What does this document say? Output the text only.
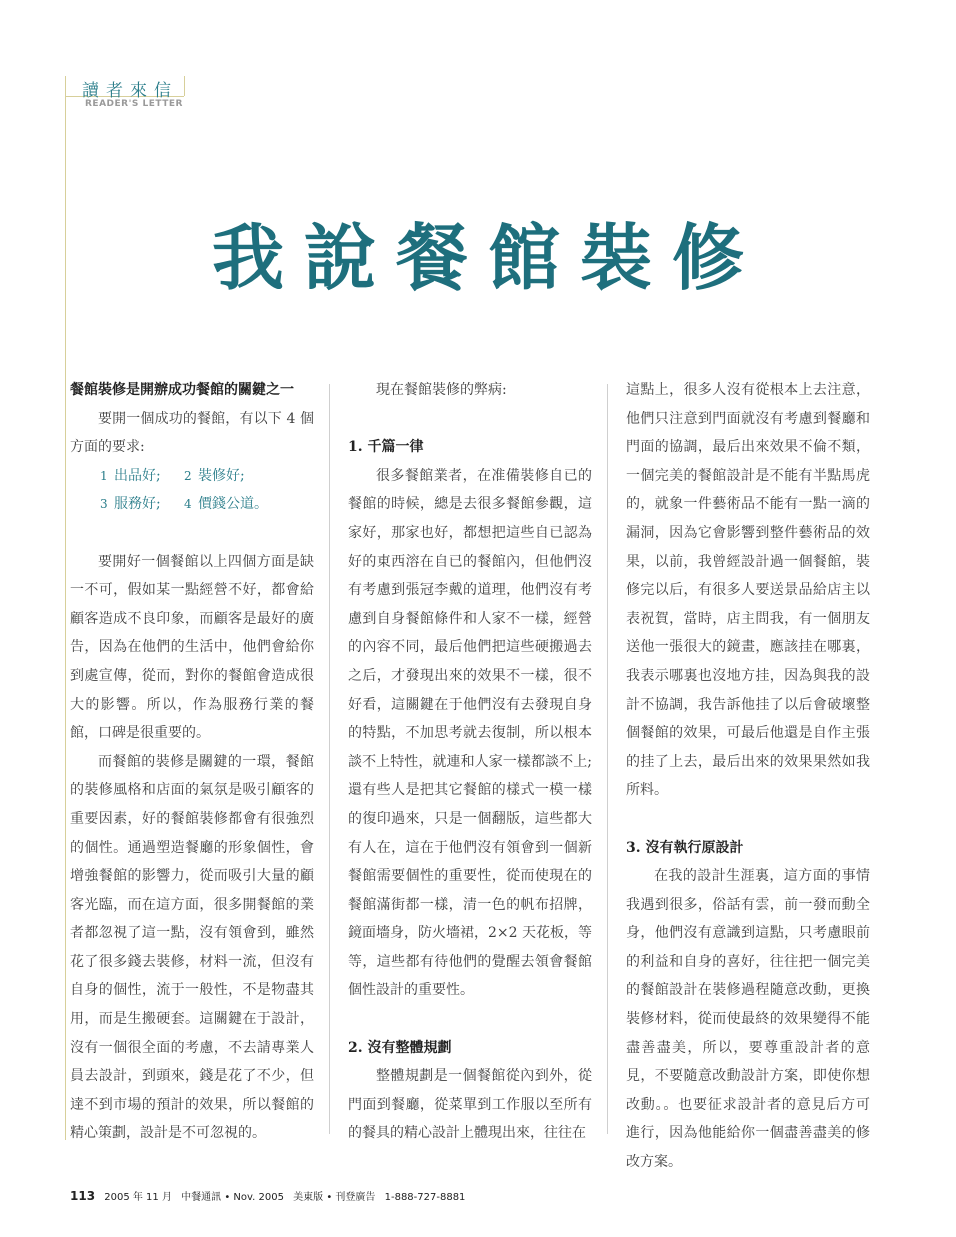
讀者來信
READER'S LETTER
我說餐館裝修

餐館裝修是開辦成功餐館的關鍵之一

要開一個成功的餐館，有以下 4 個方面的要求:

1 出品好; 2 裝修好;

3 服務好; 4 價錢公道。

要開好一個餐館以上四個方面是缺一不可，假如某一點經營不好，都會給顧客造成不良印象，而顧客是最好的廣告，因為在他們的生活中，他們會給你到處宣傳，從而，對你的餐館會造成很大的影響。所以，作為服務行業的餐館，口碑是很重要的。

而餐館的裝修是關鍵的一環，餐館的裝修風格和店面的氣氛是吸引顧客的重要因素，好的餐館裝修都會有很強烈的個性。通過塑造餐廳的形象個性，會增強餐館的影響力，從而吸引大量的顧客光臨，而在這方面，很多開餐館的業者都忽視了這一點，沒有領會到，雖然花了很多錢去裝修，材料一流，但沒有自身的個性，流于一般性，不是物盡其用，而是生搬硬套。這關鍵在于設計，沒有一個很全面的考慮，不去請專業人員去設計，到頭來，錢是花了不少，但達不到市場的預計的效果，所以餐館的精心策劃，設計是不可忽視的。

現在餐館裝修的弊病:

1. 千篇一律

很多餐館業者，在准備裝修自已的餐館的時候，總是去很多餐館參觀，這家好，那家也好，都想把這些自已認為好的東西溶在自已的餐館內，但他們沒有考慮到張冠李戴的道理，他們沒有考慮到自身餐館條件和人家不一樣，經營的內容不同，最后他們把這些硬搬過去之后，才發現出來的效果不一樣，很不好看，這關鍵在于他們沒有去發現自身的特點，不加思考就去復制，所以根本談不上特性，就連和人家一樣都談不上;還有些人是把其它餐館的樣式一模一樣的復印過來，只是一個翻版，這些都大有人在，這在于他們沒有領會到一個新餐館需要個性的重要性，從而使現在的餐館滿街都一樣，清一色的帆布招牌，鏡面墻身，防火墻裙，2×2 天花板，等等，這些都有待他們的覺醒去領會餐館個性設計的重要性。

2. 沒有整體規劃

整體規劃是一個餐館從內到外，從門面到餐廳，從菜單到工作服以至所有的餐具的精心設計上體現出來，往往在

這點上，很多人沒有從根本上去注意，他們只注意到門面就沒有考慮到餐廳和門面的協調，最后出來效果不倫不類，一個完美的餐館設計是不能有半點馬虎的，就象一件藝術品不能有一點一滴的漏洞，因為它會影響到整件藝術品的效果，以前，我曾經設計過一個餐館，裝修完以后，有很多人要送景品給店主以表祝賀，當時，店主問我，有一個朋友送他一張很大的鏡畫，應該挂在哪裏，我表示哪裏也沒地方挂，因為與我的設計不協調，我告訴他挂了以后會破壞整個餐館的效果，可最后他還是自作主張的挂了上去，最后出來的效果果然如我所料。

3. 沒有執行原設計

在我的設計生涯裏，這方面的事情我遇到很多，俗話有雲，前一發而動全身，他們沒有意識到這點，只考慮眼前的利益和自身的喜好，往往把一個完美的餐館設計在裝修過程隨意改動，更換裝修材料，從而使最終的效果變得不能盡善盡美，所以，要尊重設計者的意見，不要隨意改動設計方案，即使你想改動。。也要征求設計者的意見后方可進行，因為他能給你一個盡善盡美的修改方案。

113 2005 年 11 月 中餐通訊 • Nov. 2005 美東版 • 刊登廣告 1-888-727-8881
